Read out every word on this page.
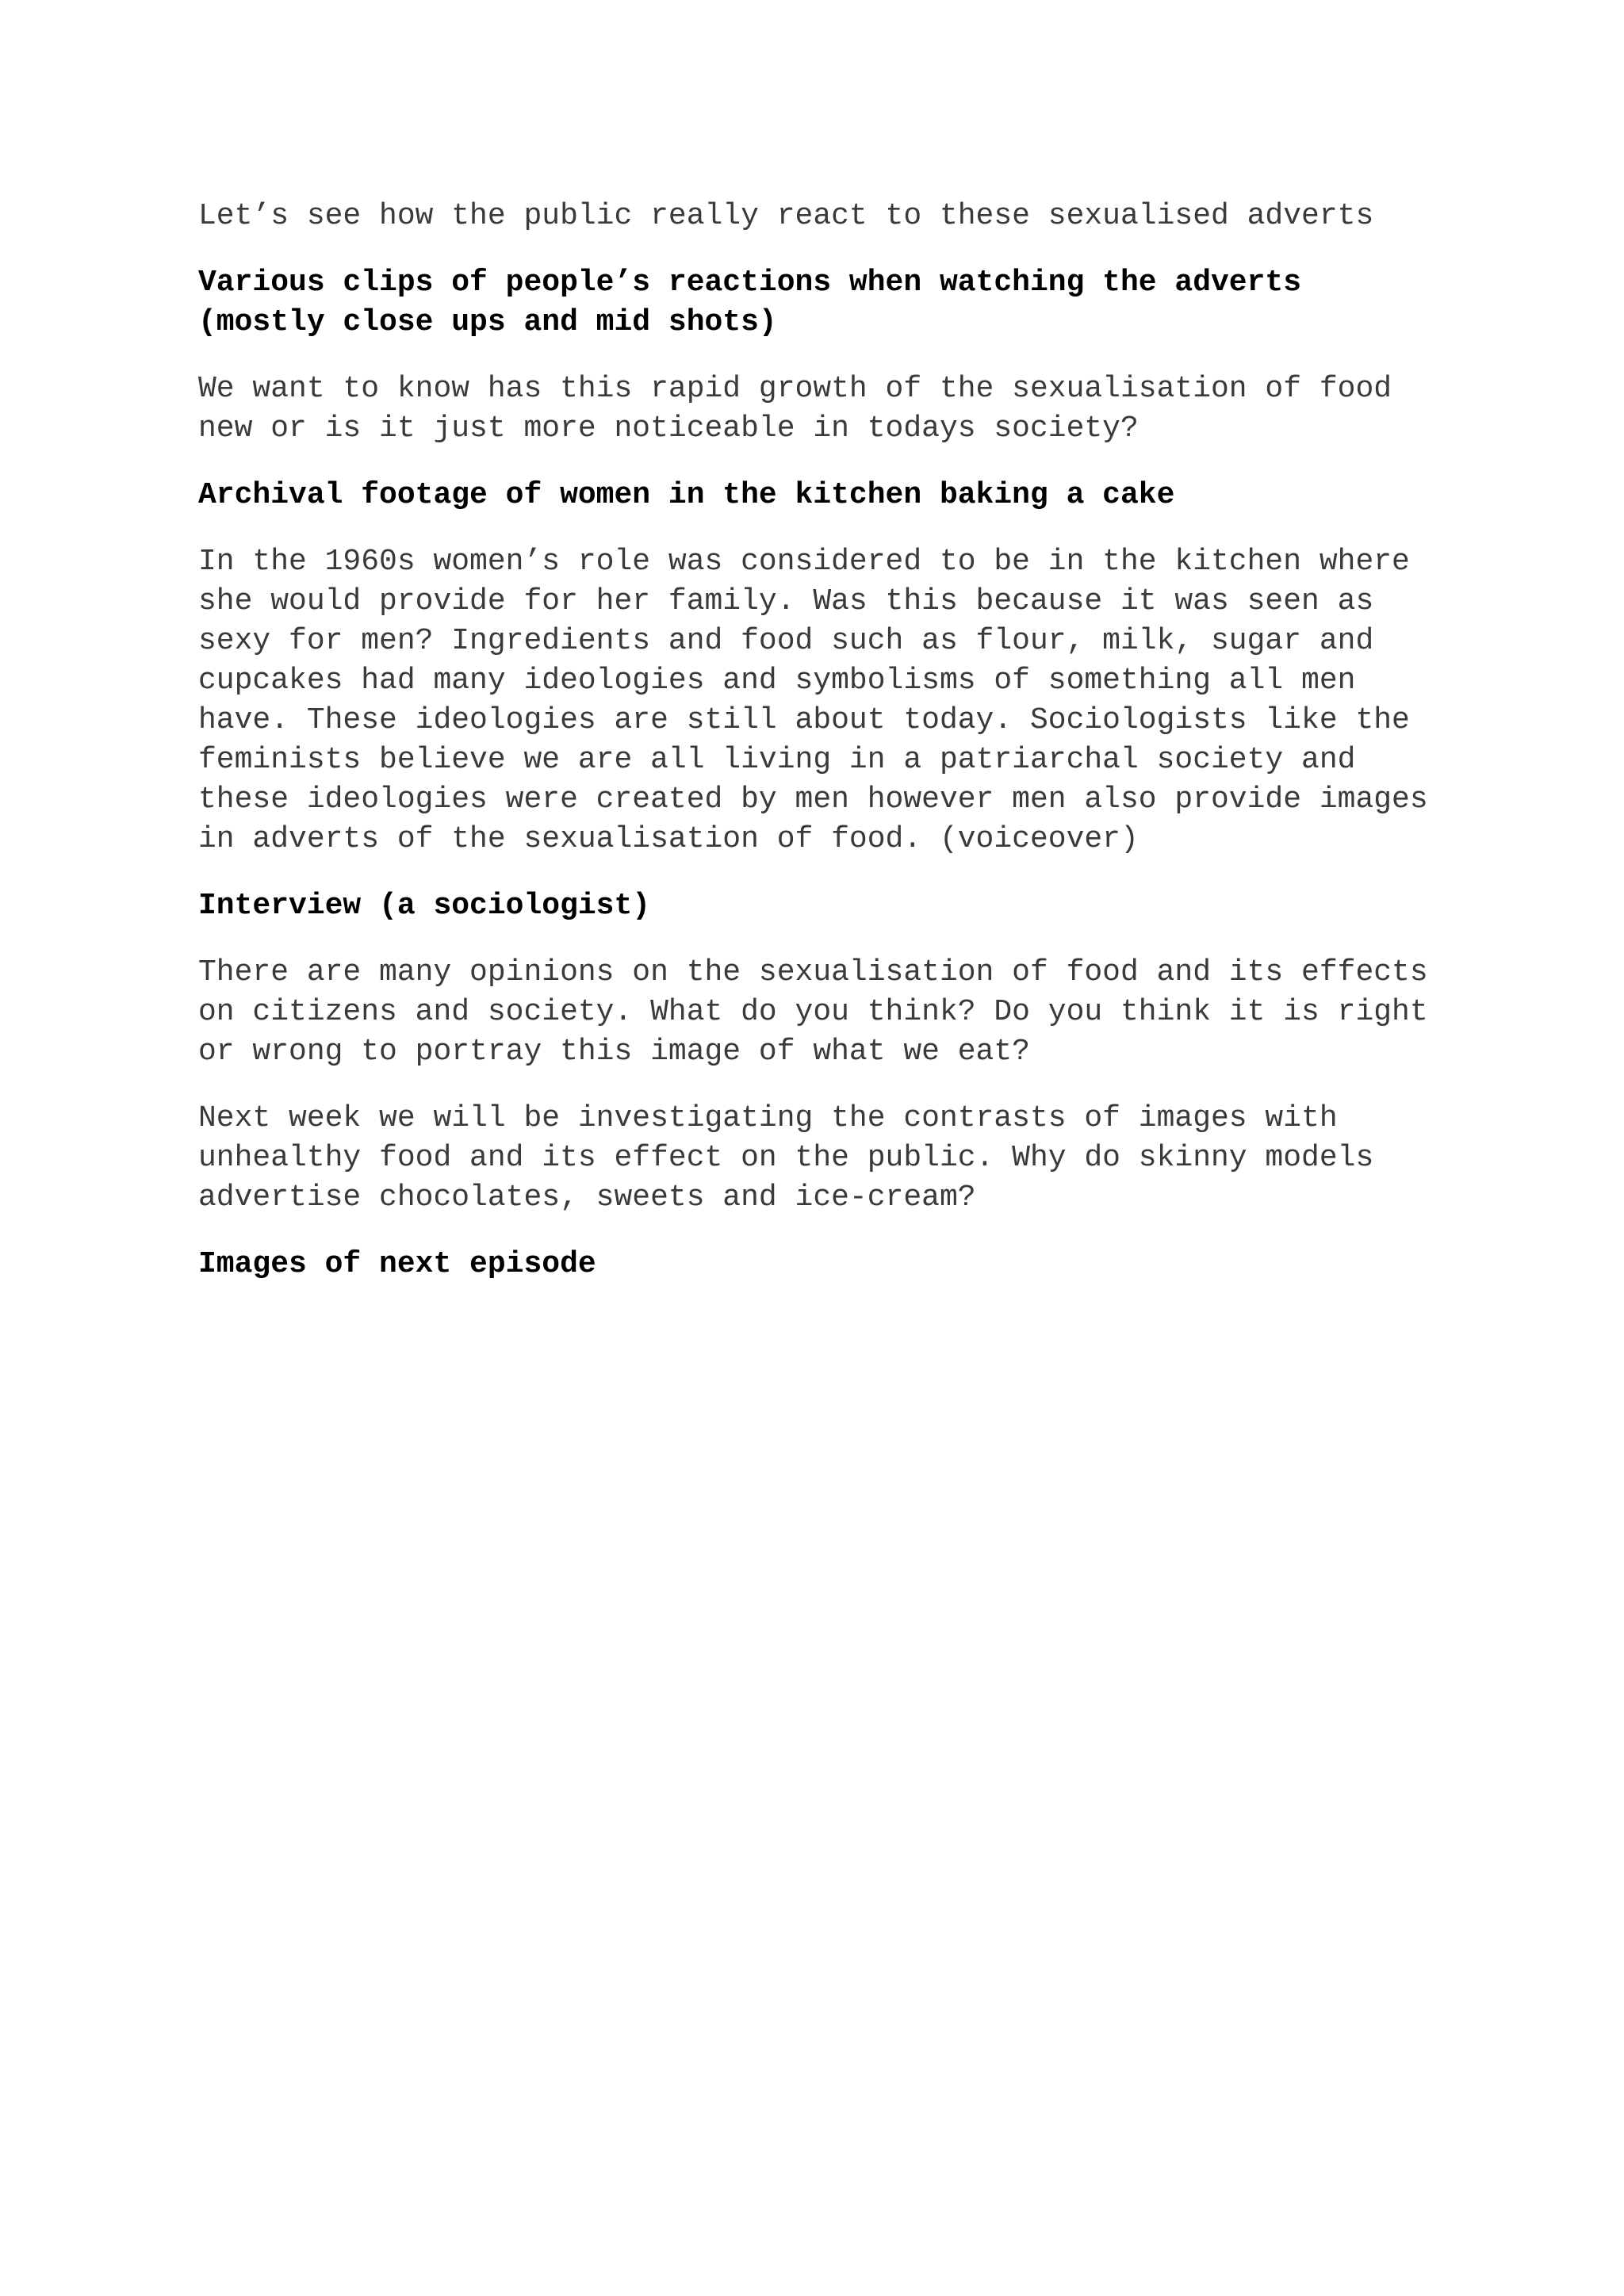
Let’s see how the public really react to these sexualised adverts

Various clips of people’s reactions when watching the adverts
(mostly close ups and mid shots)

We want to know has this rapid growth of the sexualisation of food
new or is it just more noticeable in todays society?

Archival footage of women in the kitchen baking a cake

In the 1960s women’s role was considered to be in the kitchen where
she would provide for her family. Was this because it was seen as
sexy for men? Ingredients and food such as flour, milk, sugar and
cupcakes had many ideologies and symbolisms of something all men
have. These ideologies are still about today. Sociologists like the
feminists believe we are all living in a patriarchal society and
these ideologies were created by men however men also provide images
in adverts of the sexualisation of food. (voiceover)

Interview (a sociologist)

There are many opinions on the sexualisation of food and its effects
on citizens and society. What do you think? Do you think it is right
or wrong to portray this image of what we eat?

Next week we will be investigating the contrasts of images with
unhealthy food and its effect on the public. Why do skinny models
advertise chocolates, sweets and ice-cream?

Images of next episode
